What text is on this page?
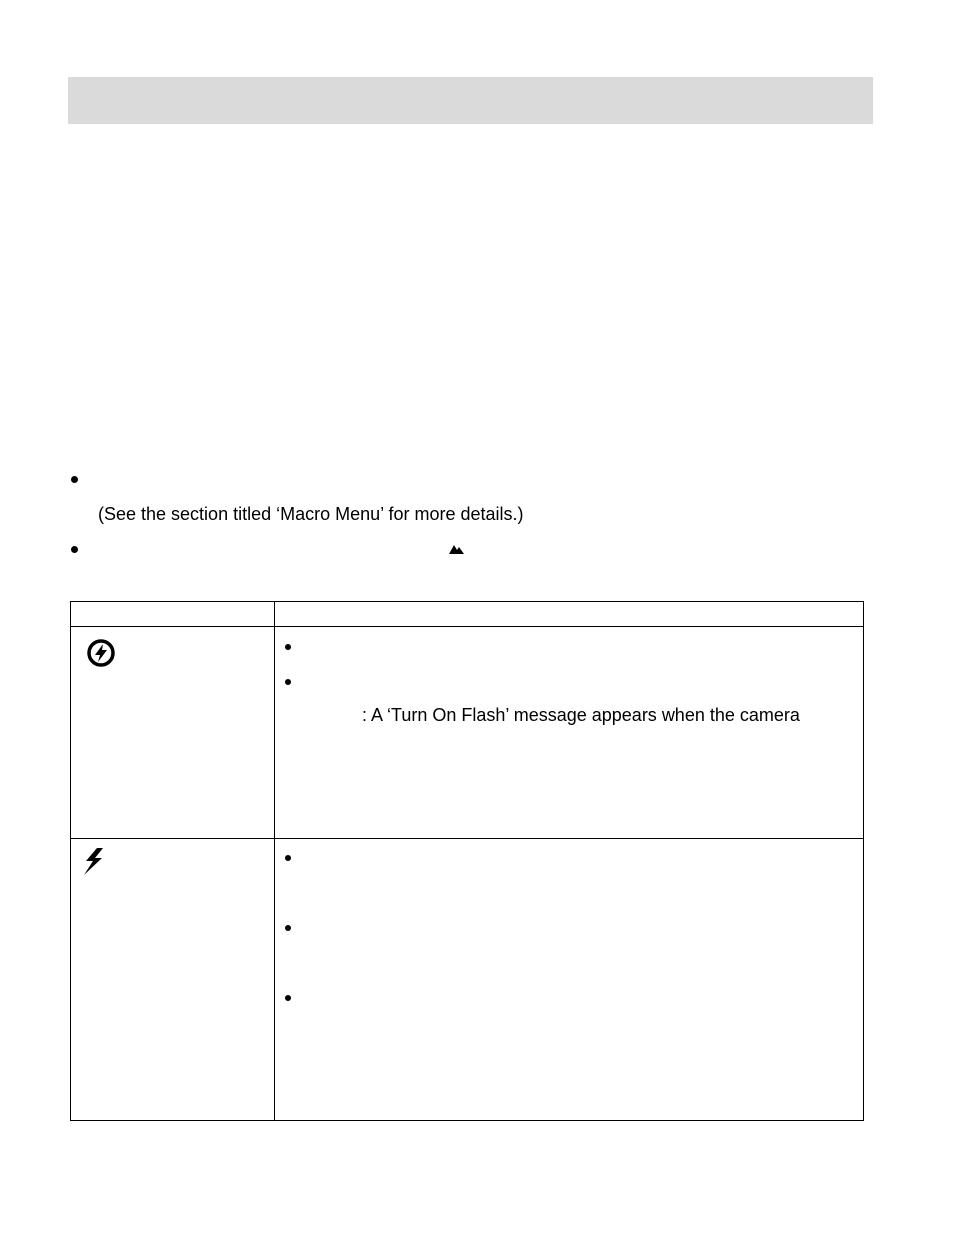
(See the section titled ‘Macro Menu’ for more details.)

: A ‘Turn On Flash’ message appears when the camera
